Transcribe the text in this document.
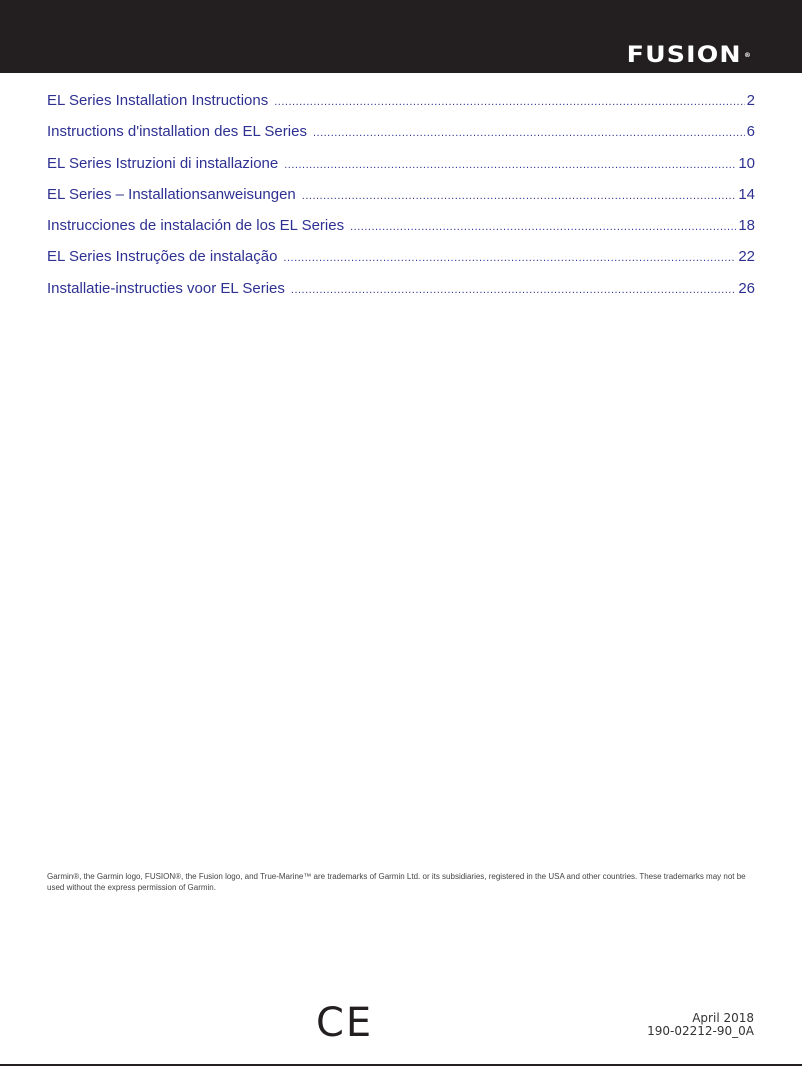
FUSION ®
EL Series Installation Instructions .....	2
Instructions d'installation des EL Series .....	6
EL Series Istruzioni di installazione .....	10
EL Series – Installationsanweisungen .....	14
Instrucciones de instalación de los EL Series .....	18
EL Series Instruções de instalação .....	22
Installatie-instructies voor EL Series .....	26
Garmin®, the Garmin logo, FUSION®, the Fusion logo, and True-Marine™ are trademarks of Garmin Ltd. or its subsidiaries, registered in the USA and other countries. These trademarks may not be used without the express permission of Garmin.
CE	April 2018
190-02212-90_0A
